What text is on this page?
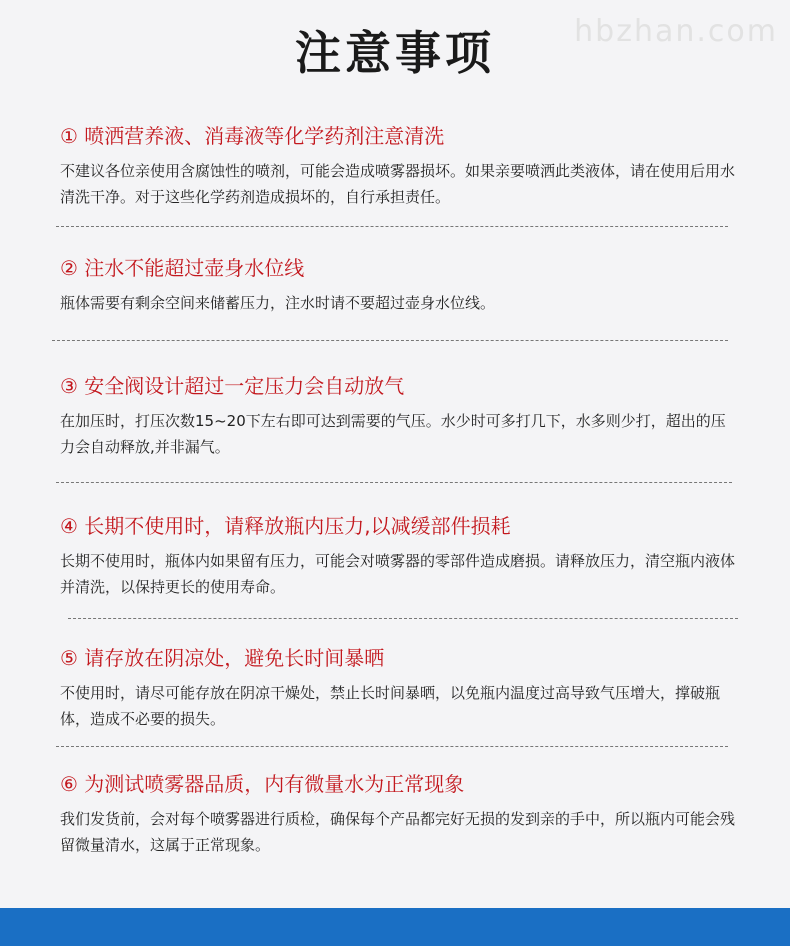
hbzhan.com
注意事项
① 喷洒营养液、消毒液等化学药剂注意清洗
不建议各位亲使用含腐蚀性的喷剂，可能会造成喷雾器损坏。如果亲要喷洒此类液体，请在使用后用水清洗干净。对于这些化学药剂造成损坏的，自行承担责任。
② 注水不能超过壶身水位线
瓶体需要有剩余空间来储蓄压力，注水时请不要超过壶身水位线。
③ 安全阀设计超过一定压力会自动放气
在加压时，打压次数15~20下左右即可达到需要的气压。水少时可多打几下，水多则少打，超出的压力会自动释放,并非漏气。
④ 长期不使用时，请释放瓶内压力,以减缓部件损耗
长期不使用时，瓶体内如果留有压力，可能会对喷雾器的零部件造成磨损。请释放压力，清空瓶内液体并清洗，以保持更长的使用寿命。
⑤ 请存放在阴凉处，避免长时间暴晒
不使用时，请尽可能存放在阴凉干燥处，禁止长时间暴晒，以免瓶内温度过高导致气压增大，撑破瓶体，造成不必要的损失。
⑥ 为测试喷雾器品质，内有微量水为正常现象
我们发货前，会对每个喷雾器进行质检，确保每个产品都完好无损的发到亲的手中，所以瓶内可能会残留微量清水，这属于正常现象。
